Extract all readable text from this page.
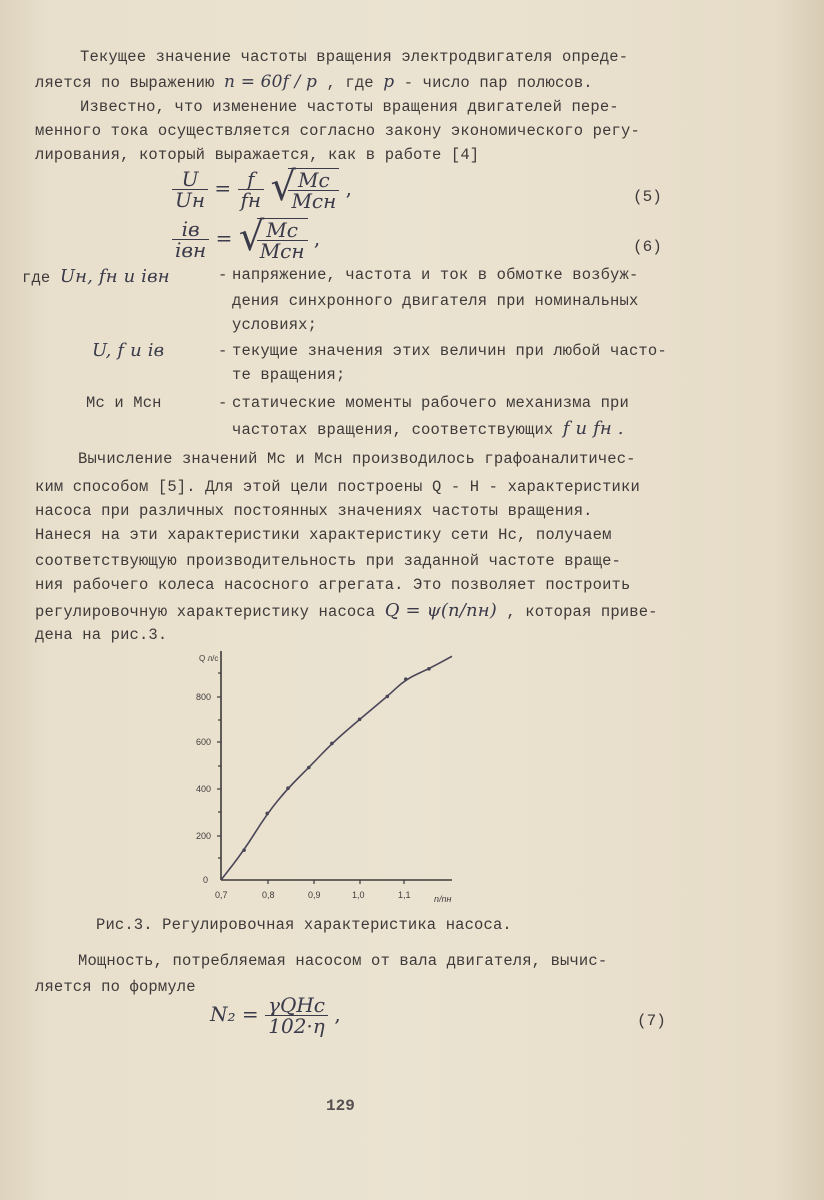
Текущее значение частоты вращения электродвигателя опреде-
ляется по выражению n = 60f / p , где p - число пар полюсов.
Известно, что изменение частоты вращения двигателей пере-
менного тока осуществляется согласно закону экономического регу-
лирования, который выражается, как в работе [4]
$\frac{U}{Uн} = \frac{f}{fн}$
√
$\frac{Mс}{\text{Mсн}}$ ,	(5)
$\frac{iв}{\text{iвн}}$ = √
$\frac{Mс}{\text{Mсн}}$ ,	(6)
где Uн, fн и iвн	- напряжение, частота и ток в обмотке возбуж-
дения синхронного двигателя при номинальных
условиях;
U, f и iв	- текущие значения этих величин при любой часто-
те вращения;
Mс и Mсн	- статические моменты рабочего механизма при
частотах вращения, соответствующих f и fн .
Вычисление значений Mс и Mсн производилось графоаналитичес-
ким способом [5]. Для этой цели построены Q - H - характеристики
насоса при различных постоянных значениях частоты вращения.
Нанеся на эти характеристики характеристику сети Hс, получаем
соответствующую производительность при заданной частоте враще-
ния рабочего колеса насосного агрегата. Это позволяет построить
регулировочную характеристику насоса Q = ψ(n/nн) , которая приве-
дена на рис.3.
0
200
400
600
800
Q л/с
0,7	0,8	0,9	1,0	1,1	n/nн
Рис.3. Регулировочная характеристика насоса.
Мощность, потребляемая насосом от вала двигателя, вычис-
ляется по формуле
$N_2 = \frac{\text{γQHс}}{102\cdot\eta}$ ,	(7)
129
